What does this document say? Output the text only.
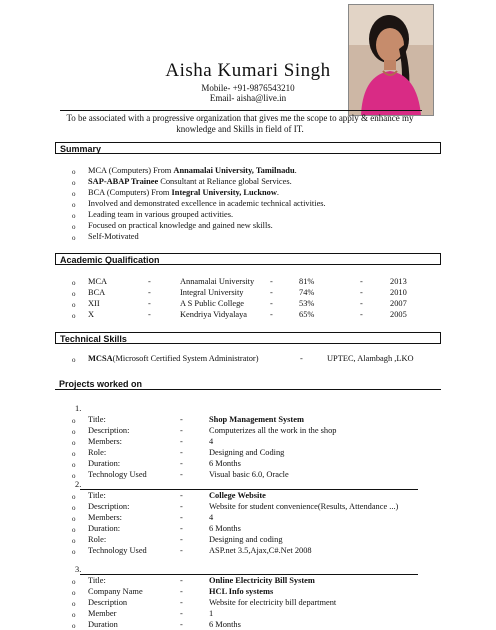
Aisha Kumari Singh
Mobile- +91-9876543210
Email- aisha@live.in
To be associated with a progressive organization that gives me the scope to apply & enhance my knowledge and Skills in field of IT.
Summary
o MCA (Computers) From Annamalai University, Tamilnadu.
o SAP-ABAP Trainee Consultant at Reliance global Services.
o BCA (Computers) From Integral University, Lucknow.
o Involved and demonstrated excellence in academic technical activities.
o Leading team in various grouped activities.
o Focused on practical knowledge and gained new skills.
o Self-Motivated
Academic Qualification
o MCA	-	Annamalai University -	81%	-	2013
o BCA	-	Integral University	-	74%	-	2010
o XII	-	A S Public College	-	53%	-	2007
o X	-	Kendriya Vidyalaya	-	65%	-	2005
Technical Skills
o MCSA(Microsoft Certified System Administrator)	-	UPTEC, Alambagh ,LKO
Projects worked on
1.
o Title:	-	Shop Management System
o Description:	-	Computerizes all the work in the shop
o Members:	-	4
o Role:	-	Designing and Coding
o Duration:	-	6 Months
o Technology Used	-	Visual basic 6.0, Oracle
2.
o Title:	-	College Website
o Description:	-	Website for student convenience(Results, Attendance ...)
o Members:	-	4
o Duration:	-	6 Months
o Role:	-	Designing and coding
o Technology Used	-	ASP.net 3.5,Ajax,C#.Net 2008
3.
o Title:	-	Online Electricity Bill System
o Company Name	-	HCL Info systems
o Description	-	Website for electricity bill department
o Member	-	1
o Duration	-	6 Months
